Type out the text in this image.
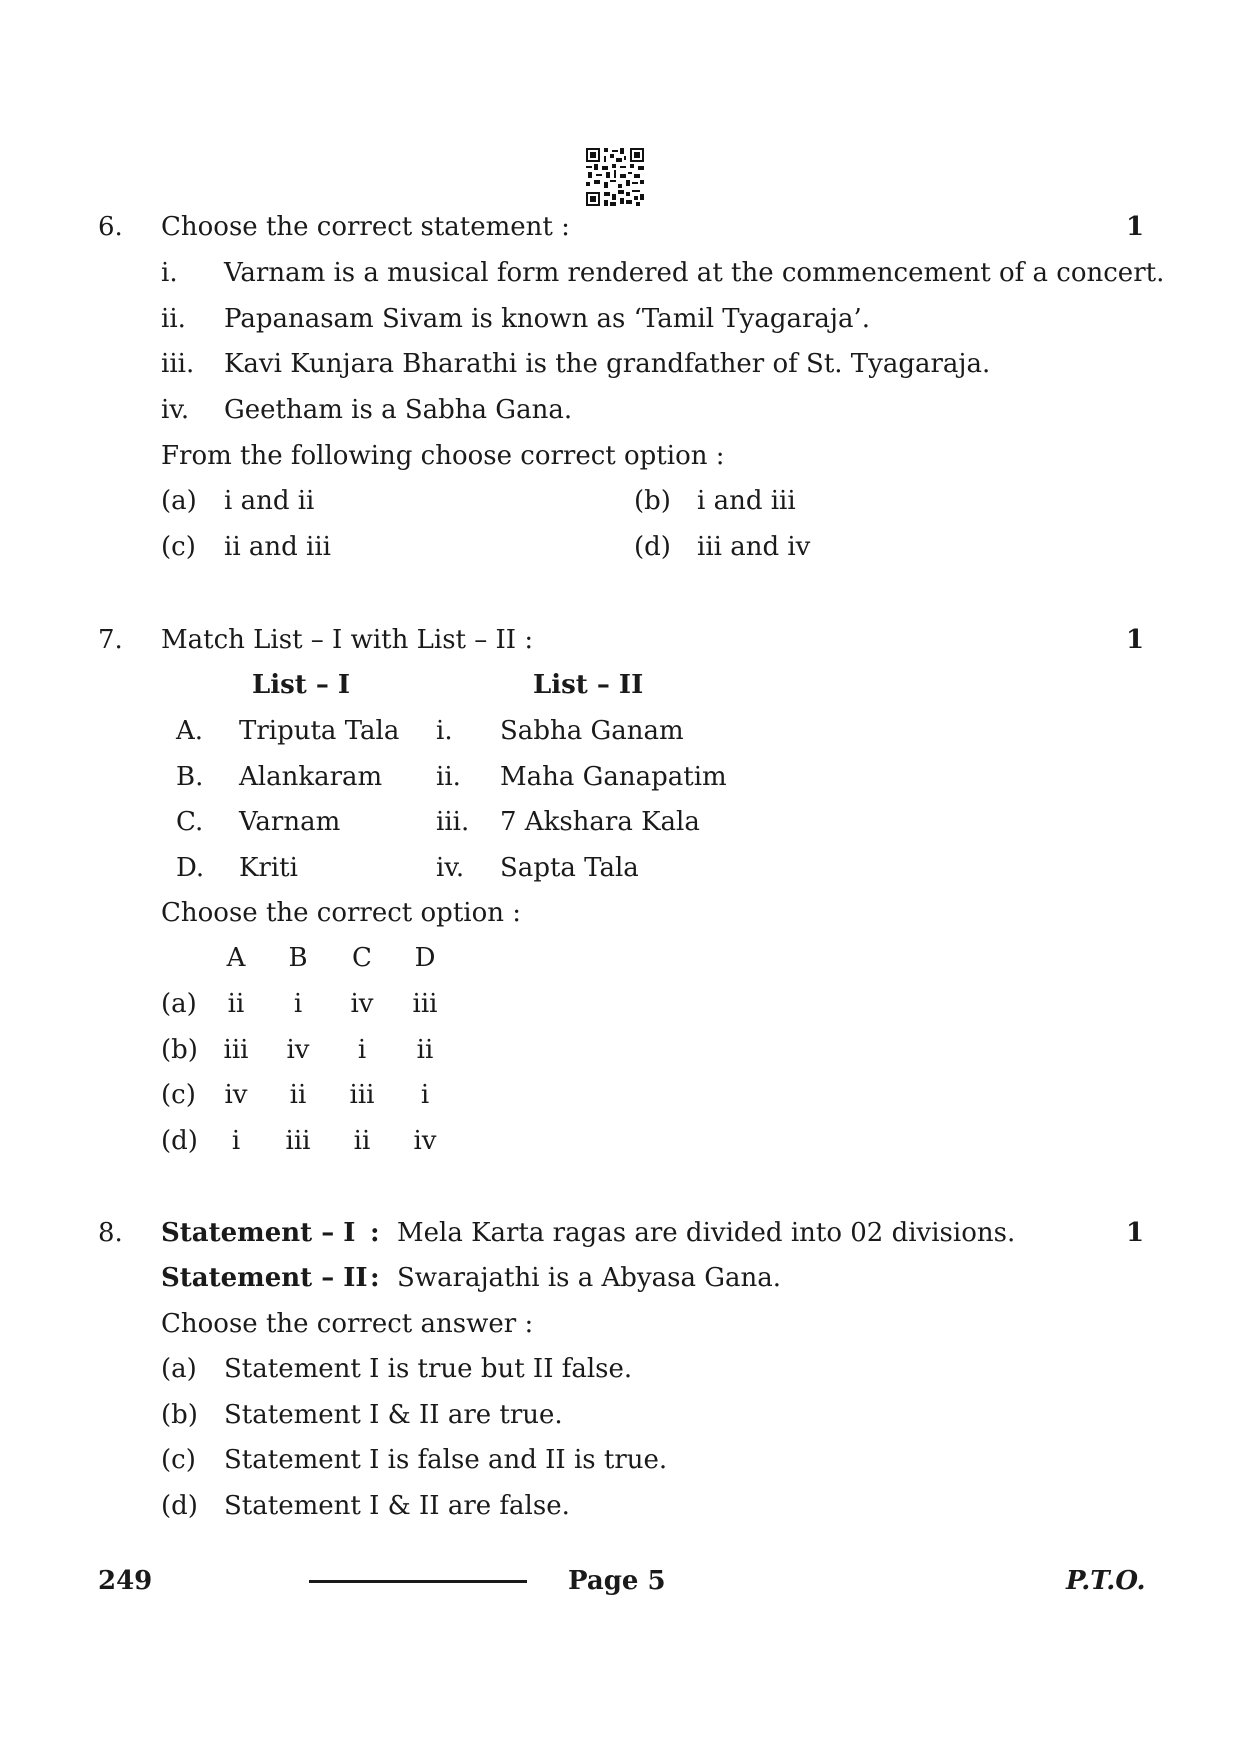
6. Choose the correct statement :	1
i. Varnam is a musical form rendered at the commencement of a concert.
ii. Papanasam Sivam is known as ‘Tamil Tyagaraja’.
iii. Kavi Kunjara Bharathi is the grandfather of St. Tyagaraja.
iv. Geetham is a Sabha Gana.
From the following choose correct option :
(a) i and ii	(b) i and iii
(c) ii and iii	(d) iii and iv
7. Match List – I with List – II :	1
List – I	List – II
A. Triputa Tala i. Sabha Ganam
B. Alankaram ii. Maha Ganapatim
C. Varnam	iii. 7 Akshara Kala
D. Kriti	iv. Sapta Tala
Choose the correct option :
A	B	C	D
(a)	ii	i	iv	iii
(b) iii	iv	i	ii
(c)	iv	ii	iii	i
(d)	i	iii	ii	iv
8. Statement – I : Mela Karta ragas are divided into 02 divisions.	1
Statement – II : Swarajathi is a Abyasa Gana.
Choose the correct answer :
(a) Statement I is true but II false.
(b) Statement I & II are true.
(c) Statement I is false and II is true.
(d) Statement I & II are false.
249	Page 5	P.T.O.
